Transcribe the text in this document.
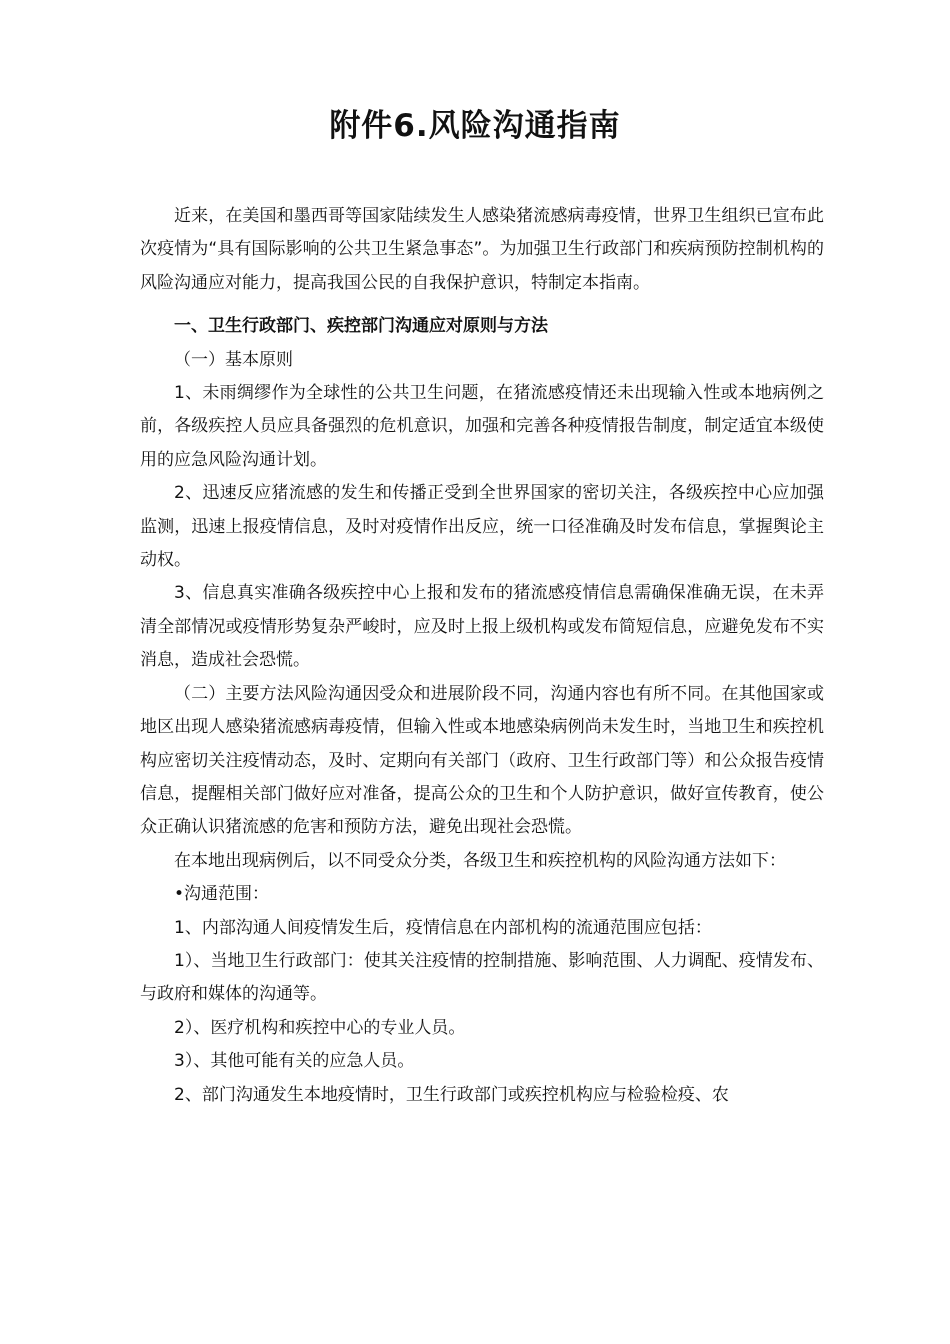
附件6.风险沟通指南

近来，在美国和墨西哥等国家陆续发生人感染猪流感病毒疫情，世界卫生组织已宣布此次疫情为“具有国际影响的公共卫生紧急事态”。为加强卫生行政部门和疾病预防控制机构的风险沟通应对能力，提高我国公民的自我保护意识，特制定本指南。

一、卫生行政部门、疾控部门沟通应对原则与方法

（一）基本原则

1、未雨绸缪作为全球性的公共卫生问题，在猪流感疫情还未出现输入性或本地病例之前，各级疾控人员应具备强烈的危机意识，加强和完善各种疫情报告制度，制定适宜本级使用的应急风险沟通计划。

2、迅速反应猪流感的发生和传播正受到全世界国家的密切关注，各级疾控中心应加强监测，迅速上报疫情信息，及时对疫情作出反应，统一口径准确及时发布信息，掌握舆论主动权。

3、信息真实准确各级疾控中心上报和发布的猪流感疫情信息需确保准确无误，在未弄清全部情况或疫情形势复杂严峻时，应及时上报上级机构或发布简短信息，应避免发布不实消息，造成社会恐慌。

（二）主要方法风险沟通因受众和进展阶段不同，沟通内容也有所不同。在其他国家或地区出现人感染猪流感病毒疫情，但输入性或本地感染病例尚未发生时，当地卫生和疾控机构应密切关注疫情动态，及时、定期向有关部门（政府、卫生行政部门等）和公众报告疫情信息，提醒相关部门做好应对准备，提高公众的卫生和个人防护意识，做好宣传教育，使公众正确认识猪流感的危害和预防方法，避免出现社会恐慌。

在本地出现病例后，以不同受众分类，各级卫生和疾控机构的风险沟通方法如下：

•沟通范围：

1、内部沟通人间疫情发生后，疫情信息在内部机构的流通范围应包括：

1）、当地卫生行政部门：使其关注疫情的控制措施、影响范围、人力调配、疫情发布、与政府和媒体的沟通等。

2）、医疗机构和疾控中心的专业人员。

3）、其他可能有关的应急人员。

2、部门沟通发生本地疫情时，卫生行政部门或疾控机构应与检验检疫、农
